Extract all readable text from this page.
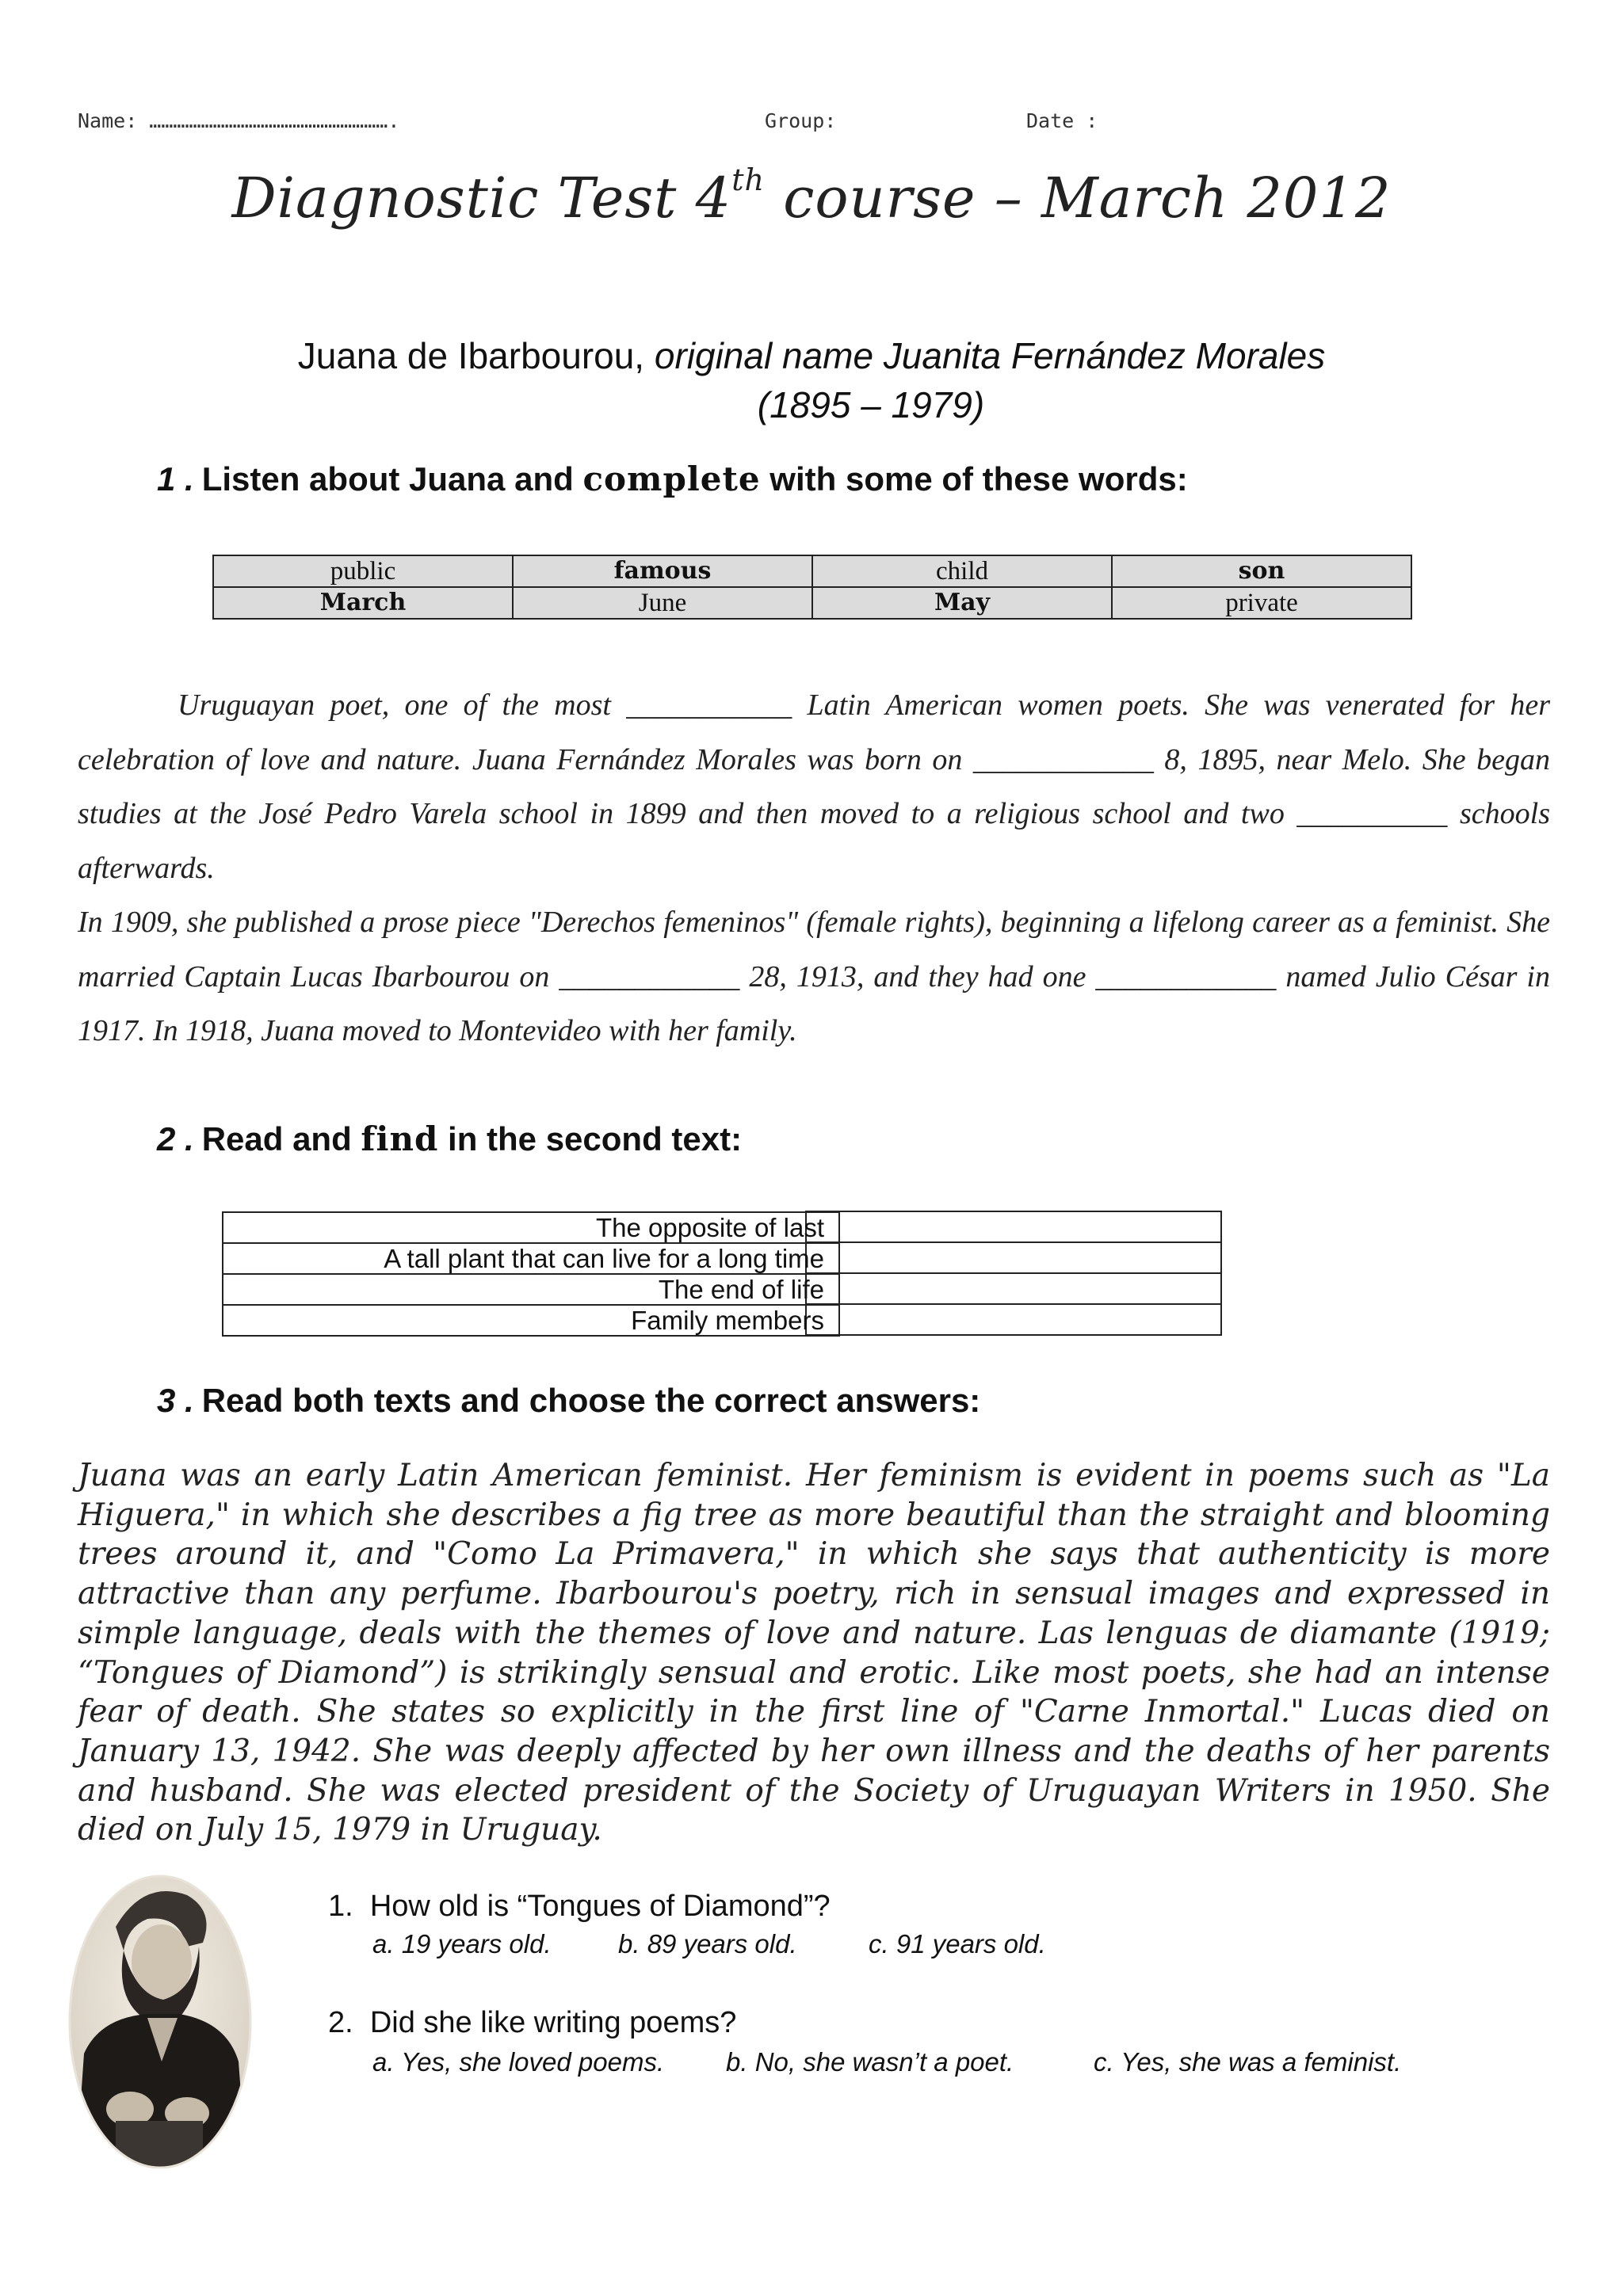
Name: …………………………………………………….	Group:	Date :
Diagnostic Test 4th course – March 2012
Juana de Ibarbourou, original name Juanita Fernández Morales
(1895 – 1979)
1 . Listen about Juana and complete with some of these words:
public	famous	child	son
March	June	May	private

Uruguayan poet, one of the most ___________ Latin American women poets. She was venerated for her celebration of love and nature. Juana Fernández Morales was born on ____________ 8, 1895, near Melo. She began studies at the José Pedro Varela school in 1899 and then moved to a religious school and two __________ schools afterwards.

In 1909, she published a prose piece "Derechos femeninos" (female rights), beginning a lifelong career as a feminist. She married Captain Lucas Ibarbourou on ____________ 28, 1913, and they had one ____________ named Julio César in 1917. In 1918, Juana moved to Montevideo with her family.

2 . Read and find in the second text:
The opposite of last

A tall plant that can live for a long time

The end of life

Family members
3 . Read both texts and choose the correct answers:

Juana was an early Latin American feminist. Her feminism is evident in poems such as "La Higuera," in which she describes a fig tree as more beautiful than the straight and blooming trees around it, and "Como La Primavera," in which she says that authenticity is more attractive than any perfume. Ibarbourou's poetry, rich in sensual images and expressed in simple language, deals with the themes of love and nature. Las lenguas de diamante (1919; “Tongues of Diamond”) is strikingly sensual and erotic. Like most poets, she had an intense fear of death. She states so explicitly in the first line of "Carne Inmortal." Lucas died on January 13, 1942. She was deeply affected by her own illness and the deaths of her parents and husband. She was elected president of the Society of Uruguayan Writers in 1950. She died on July 15, 1979 in Uruguay.

1. How old is “Tongues of Diamond”?
a. 19 years old.	b. 89 years old.	c. 91 years old.
2. Did she like writing poems?
a. Yes, she loved poems. b. No, she wasn’t a poet.	c. Yes, she was a feminist.
